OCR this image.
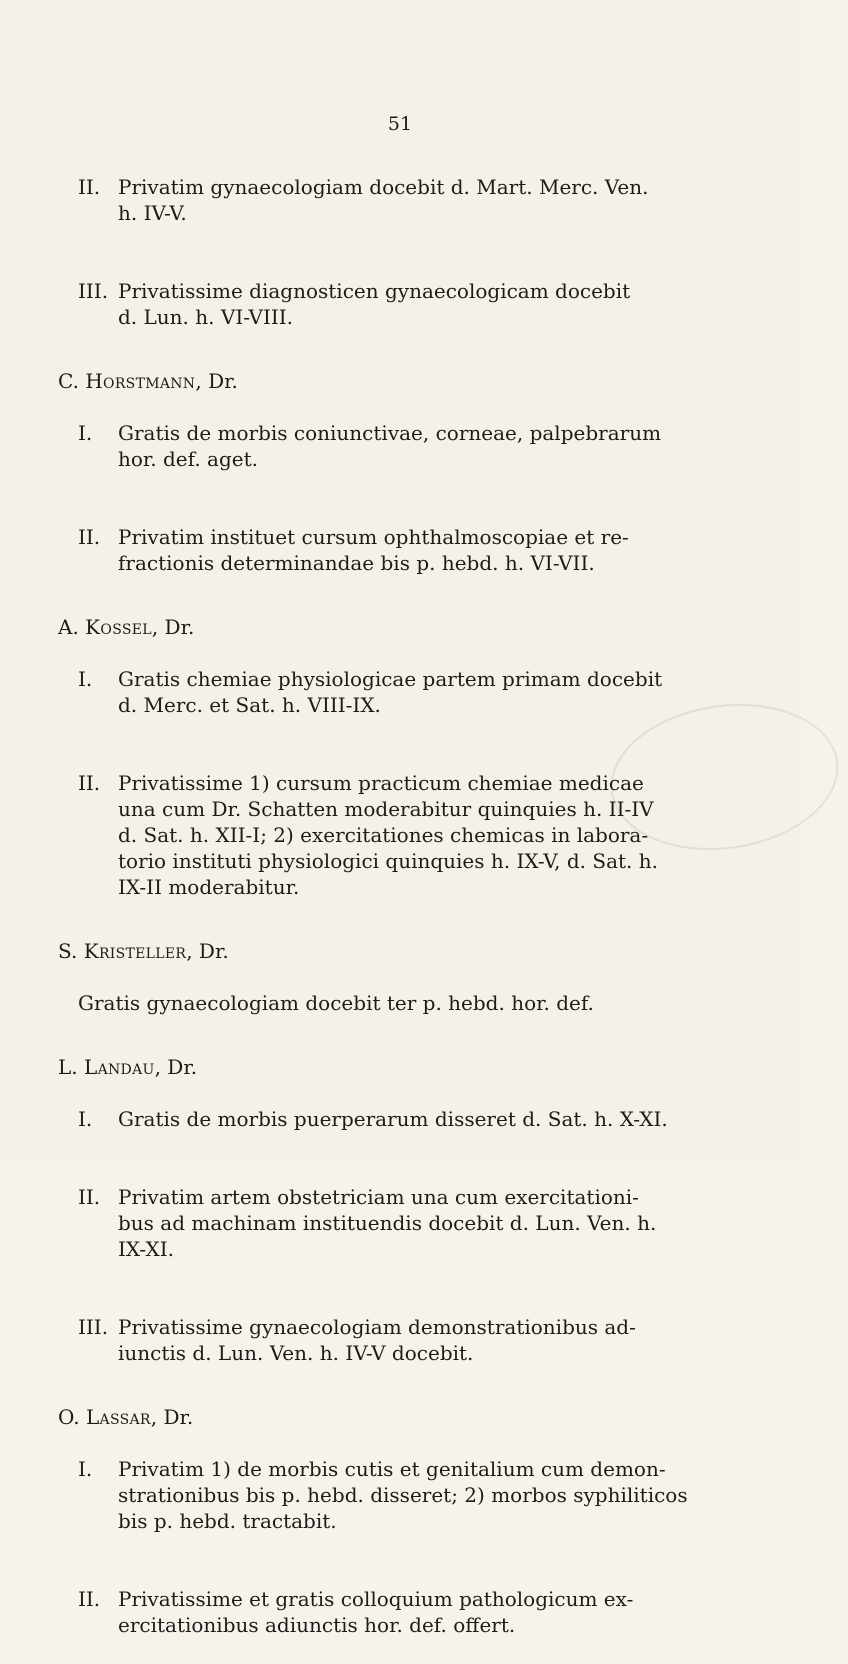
51

II. Privatim gynaecologiam docebit d. Mart. Merc. Ven.
h. IV-V.

III. Privatissime diagnosticen gynaecologicam docebit
d. Lun. h. VI-VIII.

C. Horstmann, Dr.

I.	Gratis de morbis coniunctivae, corneae, palpebrarum
hor. def. aget.

II. Privatim instituet cursum ophthalmoscopiae et re-
fractionis determinandae bis p. hebd. h. VI-VII.

A. Kossel, Dr.

I.	Gratis chemiae physiologicae partem primam docebit
d. Merc. et Sat. h. VIII-IX.

II. Privatissime 1) cursum practicum chemiae medicae
una cum Dr. Schatten moderabitur quinquies h. II-IV
d. Sat. h. XII-I; 2) exercitationes chemicas in labora-
torio instituti physiologici quinquies h. IX-V, d. Sat. h.
IX-II moderabitur.

S. Kristeller, Dr.

Gratis gynaecologiam docebit ter p. hebd. hor. def.

L. Landau, Dr.

I.	Gratis de morbis puerperarum disseret d. Sat. h. X-XI.

II. Privatim artem obstetriciam una cum exercitationi-
bus ad machinam instituendis docebit d. Lun. Ven. h.
IX-XI.

III. Privatissime gynaecologiam demonstrationibus ad-
iunctis d. Lun. Ven. h. IV-V docebit.

O. Lassar, Dr.

I.	Privatim 1) de morbis cutis et genitalium cum demon-
strationibus bis p. hebd. disseret; 2) morbos syphiliticos
bis p. hebd. tractabit.

II. Privatissime et gratis colloquium pathologicum ex-
ercitationibus adiunctis hor. def. offert.
